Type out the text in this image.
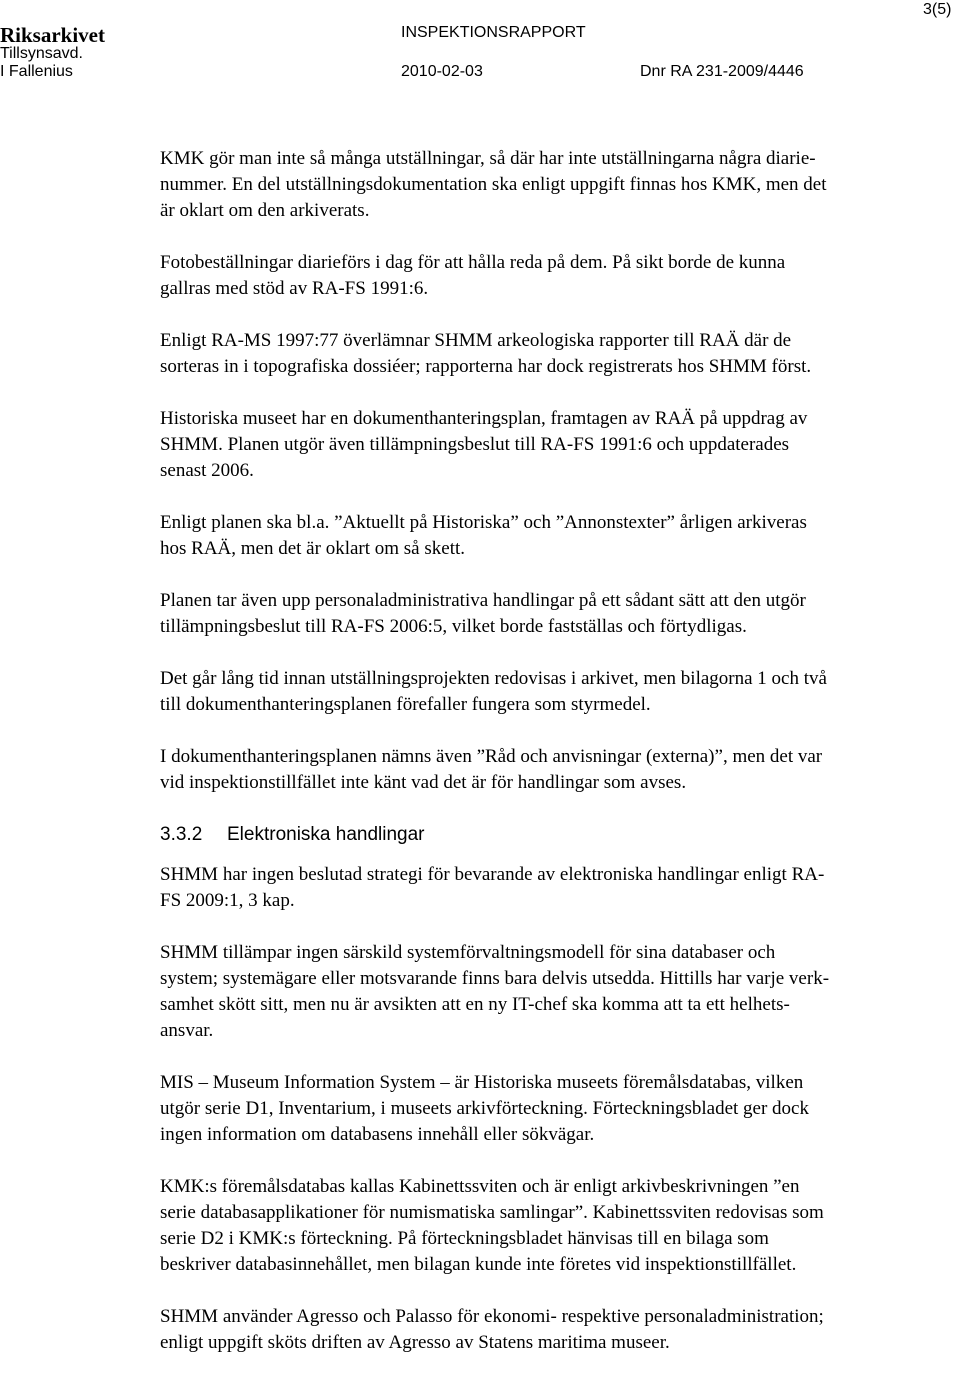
Riksarkivet
Tillsynsavd.
I Fallenius
INSPEKTIONSRAPPORT
2010-02-03	Dnr RA 231-2009/4446
3(5)

KMK gör man inte så många utställningar, så där har inte utställningarna några diarie-
nummer. En del utställningsdokumentation ska enligt uppgift finnas hos KMK, men det
är oklart om den arkiverats.

Fotobeställningar diarieförs i dag för att hålla reda på dem. På sikt borde de kunna
gallras med stöd av RA-FS 1991:6.

Enligt RA-MS 1997:77 överlämnar SHMM arkeologiska rapporter till RAÄ där de
sorteras in i topografiska dossiéer; rapporterna har dock registrerats hos SHMM först.

Historiska museet har en dokumenthanteringsplan, framtagen av RAÄ på uppdrag av
SHMM. Planen utgör även tillämpningsbeslut till RA-FS 1991:6 och uppdaterades
senast 2006.

Enligt planen ska bl.a. ”Aktuellt på Historiska” och ”Annonstexter” årligen arkiveras
hos RAÄ, men det är oklart om så skett.

Planen tar även upp personaladministrativa handlingar på ett sådant sätt att den utgör
tillämpningsbeslut till RA-FS 2006:5, vilket borde fastställas och förtydligas.

Det går lång tid innan utställningsprojekten redovisas i arkivet, men bilagorna 1 och två
till dokumenthanteringsplanen förefaller fungera som styrmedel.

I dokumenthanteringsplanen nämns även ”Råd och anvisningar (externa)”, men det var
vid inspektionstillfället inte känt vad det är för handlingar som avses.

3.3.2 Elektroniska handlingar

SHMM har ingen beslutad strategi för bevarande av elektroniska handlingar enligt RA-
FS 2009:1, 3 kap.

SHMM tillämpar ingen särskild systemförvaltningsmodell för sina databaser och
system; systemägare eller motsvarande finns bara delvis utsedda. Hittills har varje verk-
samhet skött sitt, men nu är avsikten att en ny IT-chef ska komma att ta ett helhets-
ansvar.

MIS – Museum Information System – är Historiska museets föremålsdatabas, vilken
utgör serie D1, Inventarium, i museets arkivförteckning. Förteckningsbladet ger dock
ingen information om databasens innehåll eller sökvägar.

KMK:s föremålsdatabas kallas Kabinettssviten och är enligt arkivbeskrivningen ”en
serie databasapplikationer för numismatiska samlingar”. Kabinettssviten redovisas som
serie D2 i KMK:s förteckning. På förteckningsbladet hänvisas till en bilaga som
beskriver databasinnehållet, men bilagan kunde inte företes vid inspektionstillfället.

SHMM använder Agresso och Palasso för ekonomi- respektive personaladministration;
enligt uppgift sköts driften av Agresso av Statens maritima museer.
